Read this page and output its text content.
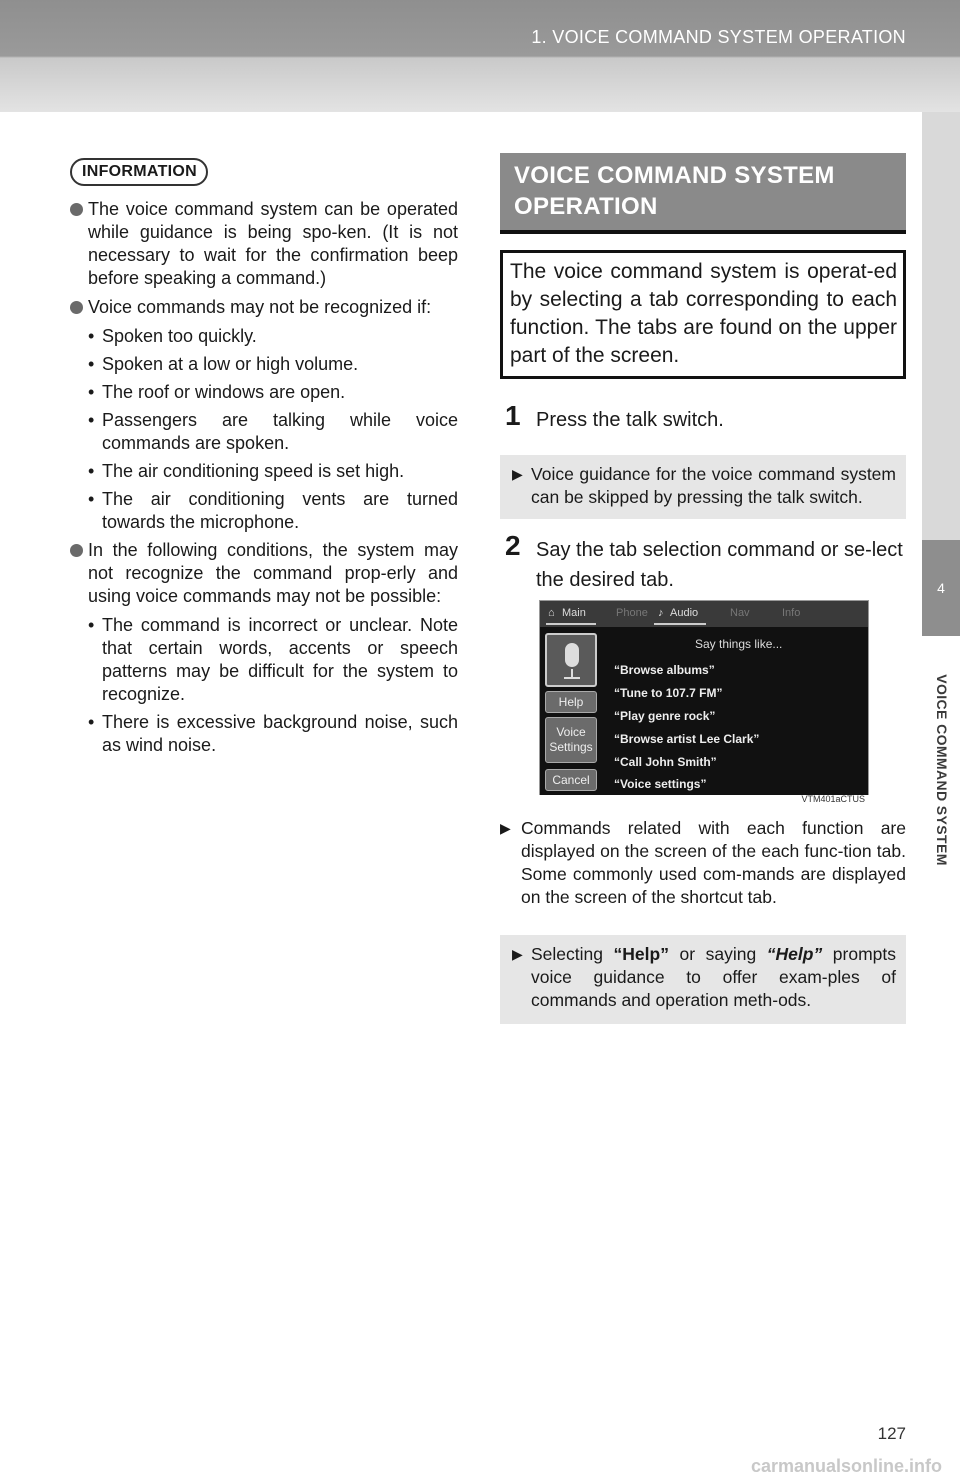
1. VOICE COMMAND SYSTEM OPERATION
4
VOICE COMMAND SYSTEM
INFORMATION
The voice command system can be operated while guidance is being spo-ken. (It is not necessary to wait for the confirmation beep before speaking a command.)
Voice commands may not be recognized if:
• Spoken too quickly.
• Spoken at a low or high volume.
• The roof or windows are open.
• Passengers are talking while voice commands are spoken.
• The air conditioning speed is set high.
• The air conditioning vents are turned towards the microphone.
In the following conditions, the system may not recognize the command prop-erly and using voice commands may not be possible:
• The command is incorrect or unclear. Note that certain words, accents or speech patterns may be difficult for the system to recognize.
• There is excessive background noise, such as wind noise.
VOICE COMMAND SYSTEM OPERATION
The voice command system is operat-ed by selecting a tab corresponding to each function. The tabs are found on the upper part of the screen.
1 Press the talk switch.
▶ Voice guidance for the voice command system can be skipped by pressing the talk switch.
2 Say the tab selection command or se-lect the desired tab.
▶ Commands related with each function are displayed on the screen of the each func-tion tab. Some commonly used com-mands are displayed on the screen of the shortcut tab.
▶ Selecting “Help” or saying “Help” prompts voice guidance to offer exam-ples of commands and operation meth-ods.
⌂ Main	Phone ♪ Audio	Nav	Info
Help
Voice Settings
Cancel
Say things like...
“Browse albums”
“Tune to 107.7 FM”
“Play genre rock”
“Browse artist Lee Clark”
“Call John Smith”
“Voice settings”
VTM401aCTUS
127
carmanualsonline.info
